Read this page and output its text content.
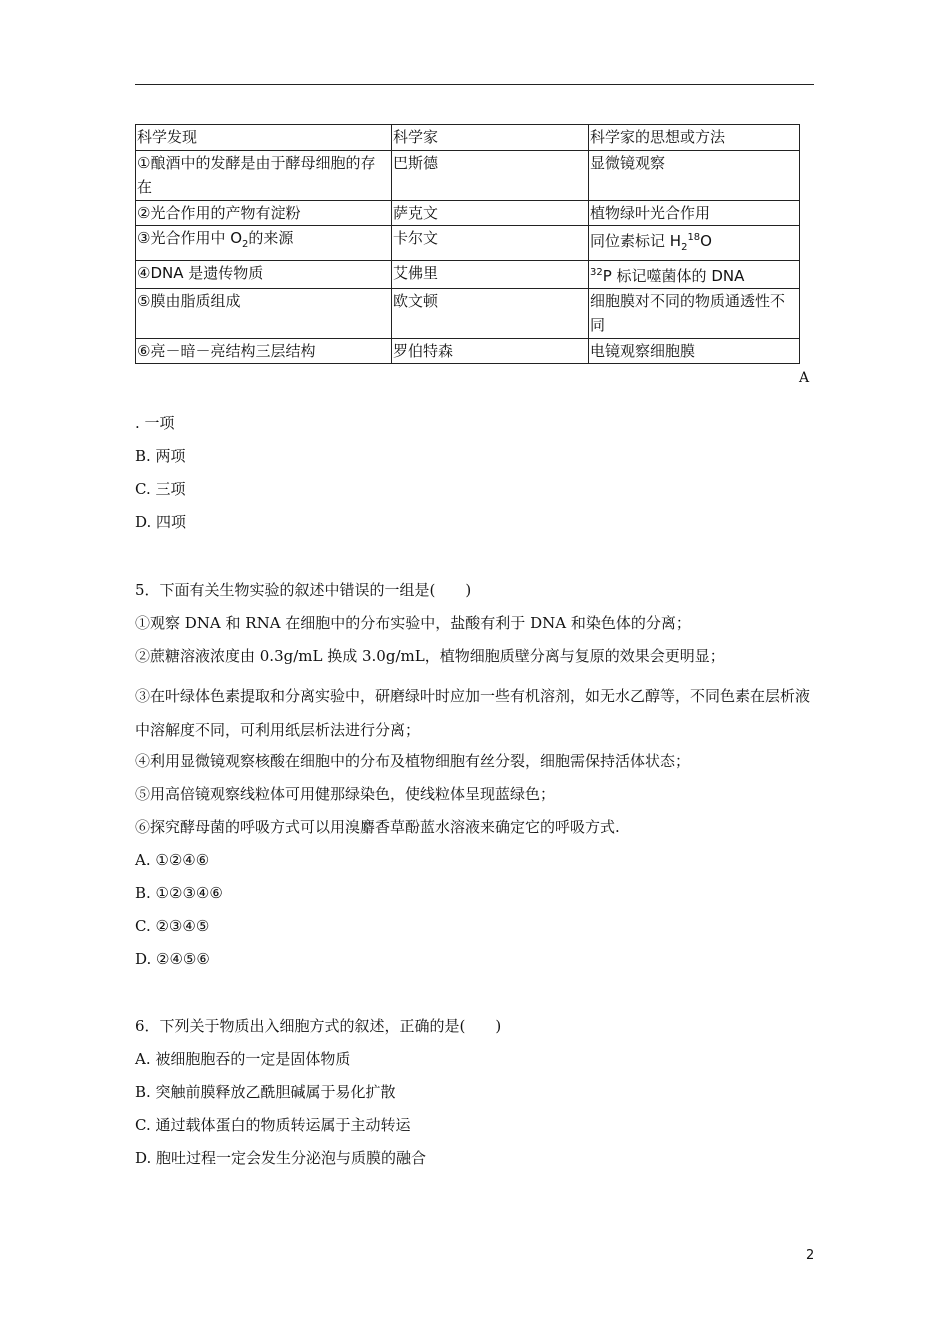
科学发现	科学家	科学家的思想或方法
①酿酒中的发酵是由于酵母细胞的存在	巴斯德	显微镜观察
②光合作用的产物有淀粉	萨克文	植物绿叶光合作用
③光合作用中 $O_2$的来源	卡尔文	同位素标记 $H_2^{18}O$
④DNA 是遗传物质	艾佛里	$^{32}$P 标记噬菌体的 DNA
⑤膜由脂质组成	欧文顿	细胞膜对不同的物质通透性不同
⑥亮－暗－亮结构三层结构	罗伯特森	电镜观察细胞膜
A
. 一项
B. 两项
C. 三项
D. 四项
5．下面有关生物实验的叙述中错误的一组是(　　)
①观察 DNA 和 RNA 在细胞中的分布实验中，盐酸有利于 DNA 和染色体的分离；
②蔗糖溶液浓度由 0.3g/mL 换成 3.0g/mL，植物细胞质壁分离与复原的效果会更明显；
③在叶绿体色素提取和分离实验中，研磨绿叶时应加一些有机溶剂，如无水乙醇等，不同色素在层析液中溶解度不同，可利用纸层析法进行分离；
④利用显微镜观察核酸在细胞中的分布及植物细胞有丝分裂，细胞需保持活体状态；
⑤用高倍镜观察线粒体可用健那绿染色，使线粒体呈现蓝绿色；
⑥探究酵母菌的呼吸方式可以用溴麝香草酚蓝水溶液来确定它的呼吸方式.
A. ①②④⑥
B. ①②③④⑥
C. ②③④⑤
D. ②④⑤⑥
6．下列关于物质出入细胞方式的叙述，正确的是(　　)
A. 被细胞胞吞的一定是固体物质
B. 突触前膜释放乙酰胆碱属于易化扩散
C. 通过载体蛋白的物质转运属于主动转运
D. 胞吐过程一定会发生分泌泡与质膜的融合
2
